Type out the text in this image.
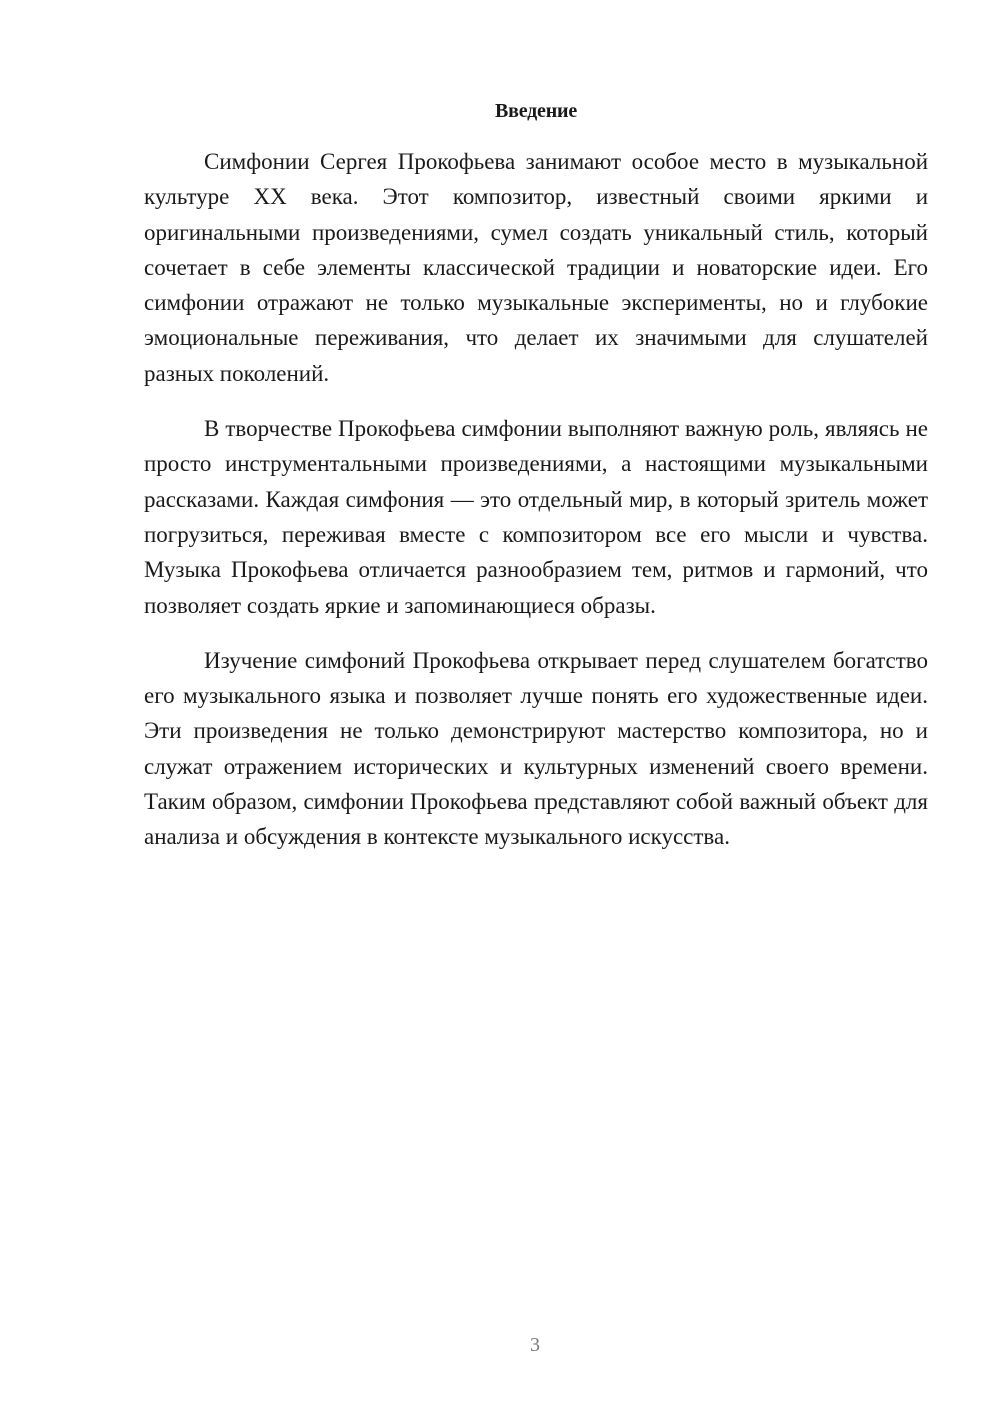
Введение

Симфонии Сергея Прокофьева занимают особое место в музыкальной культуре XX века. Этот композитор, известный своими яркими и оригинальными произведениями, сумел создать уникальный стиль, который сочетает в себе элементы классической традиции и новаторские идеи. Его симфонии отражают не только музыкальные эксперименты, но и глубокие эмоциональные переживания, что делает их значимыми для слушателей разных поколений.

В творчестве Прокофьева симфонии выполняют важную роль, являясь не просто инструментальными произведениями, а настоящими музыкальными рассказами. Каждая симфония — это отдельный мир, в который зритель может погрузиться, переживая вместе с композитором все его мысли и чувства. Музыка Прокофьева отличается разнообразием тем, ритмов и гармоний, что позволяет создать яркие и запоминающиеся образы.

Изучение симфоний Прокофьева открывает перед слушателем богатство его музыкального языка и позволяет лучше понять его художественные идеи. Эти произведения не только демонстрируют мастерство композитора, но и служат отражением исторических и культурных изменений своего времени. Таким образом, симфонии Прокофьева представляют собой важный объект для анализа и обсуждения в контексте музыкального искусства.

3
